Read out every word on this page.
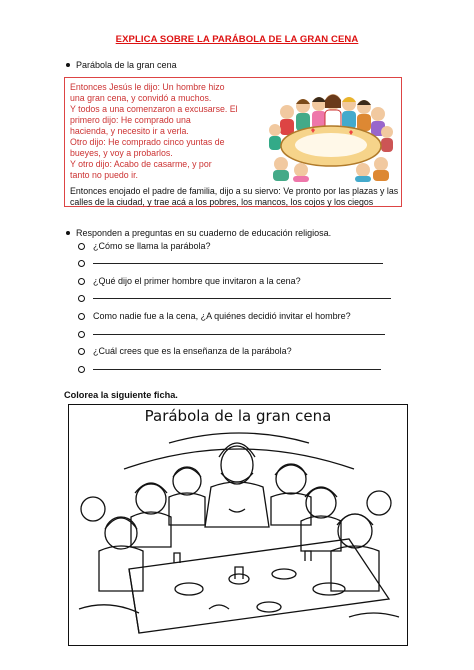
EXPLICA SOBRE LA PARÁBOLA DE LA GRAN CENA
Parábola de la gran cena

Entonces Jesús le dijo: Un hombre hizo

una gran cena, y convidó a muchos.

Y todos a una comenzaron a excusarse. El

primero dijo: He comprado una

hacienda, y necesito ir a verla.

Otro dijo: He comprado cinco yuntas de

bueyes, y voy a probarlos.

Y otro dijo: Acabo de casarme, y por

tanto no puedo ir.

Entonces enojado el padre de familia, dijo a su siervo: Ve pronto por las plazas y las calles de la ciudad, y trae acá a los pobres, los mancos, los cojos y los ciegos
Responden a preguntas en su cuaderno de educación religiosa.
¿Cómo se llama la parábola?
¿Qué dijo el primer hombre que invitaron a la cena?
Como nadie fue a la cena, ¿A quiénes decidió invitar el hombre?
¿Cuál crees que es la enseñanza de la parábola?
Colorea la siguiente ficha.
Parábola de la gran cena
